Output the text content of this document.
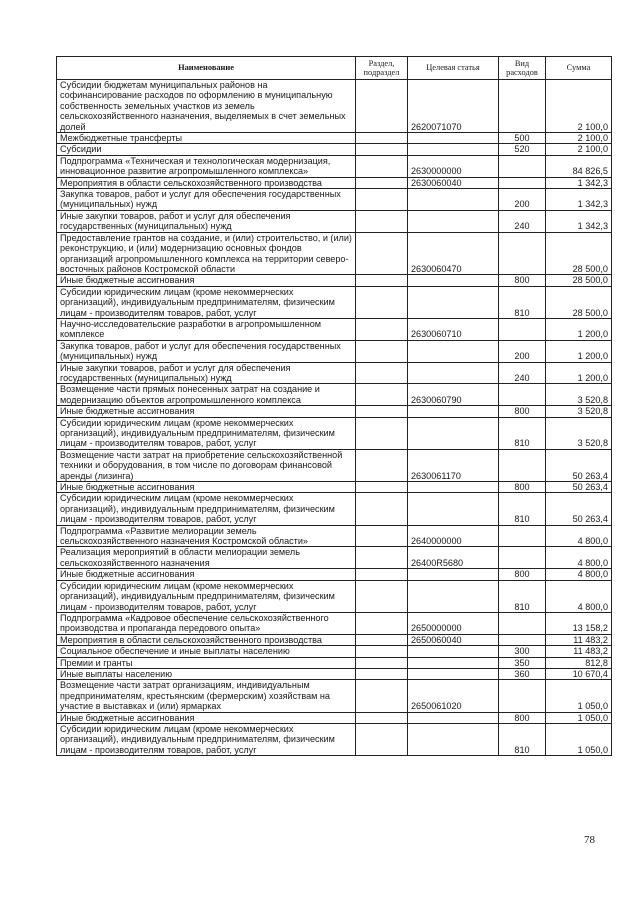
Наименование	Раздел, подраздел	Целевая статья	Вид расходов	Сумма
Субсидии бюджетам муниципальных районов на софинансирование расходов по оформлению в муниципальную собственность земельных участков из земель сельскохозяйственного назначения, выделяемых в счет земельных долей		2620071070		2 100,0
Межбюджетные трансферты			500	2 100,0
Субсидии			520	2 100,0
Подпрограмма «Техническая и технологическая модернизация, инновационное развитие агропромышленного комплекса»		2630000000		84 826,5
Мероприятия в области сельскохозяйственного производства		2630060040		1 342,3
Закупка товаров, работ и услуг для обеспечения государственных (муниципальных) нужд			200	1 342,3
Иные закупки товаров, работ и услуг для обеспечения государственных (муниципальных) нужд			240	1 342,3
Предоставление грантов на создание, и (или) строительство, и (или) реконструкцию, и (или) модернизацию основных фондов организаций агропромышленного комплекса на территории северо-восточных районов Костромской области		2630060470		28 500,0
Иные бюджетные ассигнования			800	28 500,0
Субсидии юридическим лицам (кроме некоммерческих организаций), индивидуальным предпринимателям, физическим лицам - производителям товаров, работ, услуг			810	28 500,0
Научно-исследовательские разработки в агропромышленном комплексе		2630060710		1 200,0
Закупка товаров, работ и услуг для обеспечения государственных (муниципальных) нужд			200	1 200,0
Иные закупки товаров, работ и услуг для обеспечения государственных (муниципальных) нужд			240	1 200,0
Возмещение части прямых понесенных затрат на создание и модернизацию объектов агропромышленного комплекса		2630060790		3 520,8
Иные бюджетные ассигнования			800	3 520,8
Субсидии юридическим лицам (кроме некоммерческих организаций), индивидуальным предпринимателям, физическим лицам - производителям товаров, работ, услуг			810	3 520,8
Возмещение части затрат на приобретение сельскохозяйственной техники и оборудования, в том числе по договорам финансовой аренды (лизинга)		2630061170		50 263,4
Иные бюджетные ассигнования			800	50 263,4
Субсидии юридическим лицам (кроме некоммерческих организаций), индивидуальным предпринимателям, физическим лицам - производителям товаров, работ, услуг			810	50 263,4
Подпрограмма «Развитие мелиорации земель сельскохозяйственного назначения Костромской области»		2640000000		4 800,0
Реализация мероприятий в области мелиорации земель сельскохозяйственного назначения		26400R5680		4 800,0
Иные бюджетные ассигнования			800	4 800,0
Субсидии юридическим лицам (кроме некоммерческих организаций), индивидуальным предпринимателям, физическим лицам - производителям товаров, работ, услуг			810	4 800,0
Подпрограмма «Кадровое обеспечение сельскохозяйственного производства и пропаганда передового опыта»		2650000000		13 158,2
Мероприятия в области сельскохозяйственного производства		2650060040		11 483,2
Социальное обеспечение и иные выплаты населению			300	11 483,2
Премии и гранты			350	812,8
Иные выплаты населению			360	10 670,4
Возмещение части затрат организациям, индивидуальным предпринимателям, крестьянским (фермерским) хозяйствам на участие в выставках и (или) ярмарках		2650061020		1 050,0
Иные бюджетные ассигнования			800	1 050,0
Субсидии юридическим лицам (кроме некоммерческих организаций), индивидуальным предпринимателям, физическим лицам - производителям товаров, работ, услуг			810	1 050,0
78
